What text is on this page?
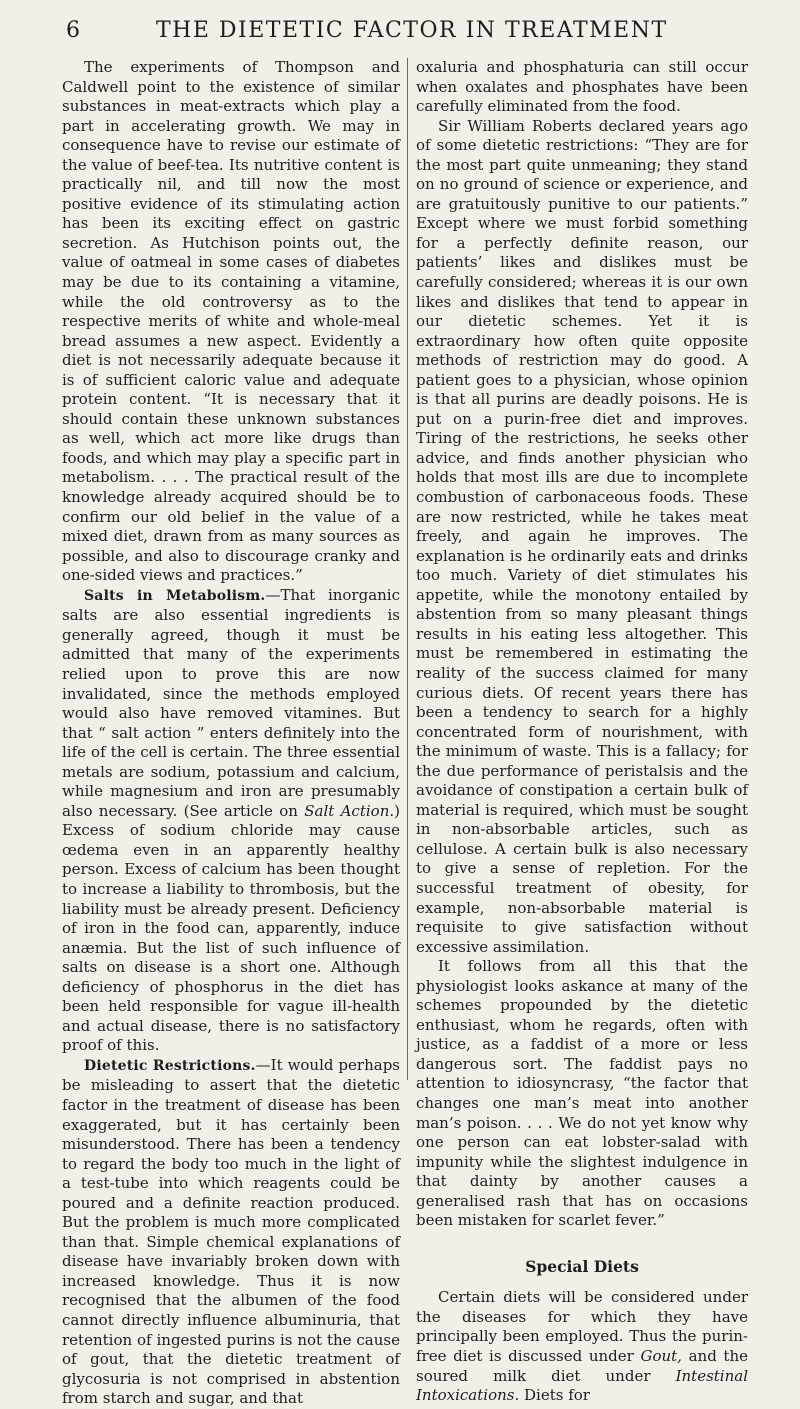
6	THE DIETETIC FACTOR IN TREATMENT

The experiments of Thompson and Caldwell point to the existence of similar substances in meat-extracts which play a part in accelerating growth. We may in consequence have to revise our estimate of the value of beef-tea. Its nutritive content is practically nil, and till now the most positive evidence of its stimulating action has been its exciting effect on gastric secretion. As Hutchison points out, the value of oatmeal in some cases of diabetes may be due to its containing a vitamine, while the old controversy as to the respective merits of white and whole-meal bread assumes a new aspect. Evidently a diet is not necessarily adequate because it is of sufficient caloric value and adequate protein content. “It is necessary that it should contain these unknown substances as well, which act more like drugs than foods, and which may play a specific part in metabolism. . . . The practical result of the knowledge already acquired should be to confirm our old belief in the value of a mixed diet, drawn from as many sources as possible, and also to discourage cranky and one-sided views and practices.”

Salts in Metabolism.—That inorganic salts are also essential ingredients is generally agreed, though it must be admitted that many of the experiments relied upon to prove this are now invalidated, since the methods employed would also have removed vitamines. But that “ salt action ” enters definitely into the life of the cell is certain. The three essential metals are sodium, potassium and calcium, while magnesium and iron are presumably also necessary. (See article on Salt Action.) Excess of sodium chloride may cause œdema even in an apparently healthy person. Excess of calcium has been thought to increase a liability to thrombosis, but the liability must be already present. Deficiency of iron in the food can, apparently, induce anæmia. But the list of such influence of salts on disease is a short one. Although deficiency of phosphorus in the diet has been held responsible for vague ill-health and actual disease, there is no satisfactory proof of this.

Dietetic Restrictions.—It would perhaps be misleading to assert that the dietetic factor in the treatment of disease has been exaggerated, but it has certainly been misunderstood. There has been a tendency to regard the body too much in the light of a test-tube into which reagents could be poured and a definite reaction produced. But the problem is much more complicated than that. Simple chemical explanations of disease have invariably broken down with increased knowledge. Thus it is now recognised that the albumen of the food cannot directly influence albuminuria, that retention of ingested purins is not the cause of gout, that the dietetic treatment of glycosuria is not comprised in abstention from starch and sugar, and that

oxaluria and phosphaturia can still occur when oxalates and phosphates have been carefully eliminated from the food.

Sir William Roberts declared years ago of some dietetic restrictions: “They are for the most part quite unmeaning; they stand on no ground of science or experience, and are gratuitously punitive to our patients.” Except where we must forbid something for a perfectly definite reason, our patients’ likes and dislikes must be carefully considered; whereas it is our own likes and dislikes that tend to appear in our dietetic schemes. Yet it is extraordinary how often quite opposite methods of restriction may do good. A patient goes to a physician, whose opinion is that all purins are deadly poisons. He is put on a purin-free diet and improves. Tiring of the restrictions, he seeks other advice, and finds another physician who holds that most ills are due to incomplete combustion of carbonaceous foods. These are now restricted, while he takes meat freely, and again he improves. The explanation is he ordinarily eats and drinks too much. Variety of diet stimulates his appetite, while the monotony entailed by abstention from so many pleasant things results in his eating less altogether. This must be remembered in estimating the reality of the success claimed for many curious diets. Of recent years there has been a tendency to search for a highly concentrated form of nourishment, with the minimum of waste. This is a fallacy; for the due performance of peristalsis and the avoidance of constipation a certain bulk of material is required, which must be sought in non-absorbable articles, such as cellulose. A certain bulk is also necessary to give a sense of repletion. For the successful treatment of obesity, for example, non-absorbable material is requisite to give satisfaction without excessive assimilation.

It follows from all this that the physiologist looks askance at many of the schemes propounded by the dietetic enthusiast, whom he regards, often with justice, as a faddist of a more or less dangerous sort. The faddist pays no attention to idiosyncrasy, “the factor that changes one man’s meat into another man’s poison. . . . We do not yet know why one person can eat lobster-salad with impunity while the slightest indulgence in that dainty by another causes a generalised rash that has on occasions been mistaken for scarlet fever.”

Special Diets

Certain diets will be considered under the diseases for which they have principally been employed. Thus the purin-free diet is discussed under Gout, and the soured milk diet under Intestinal Intoxications. Diets for
